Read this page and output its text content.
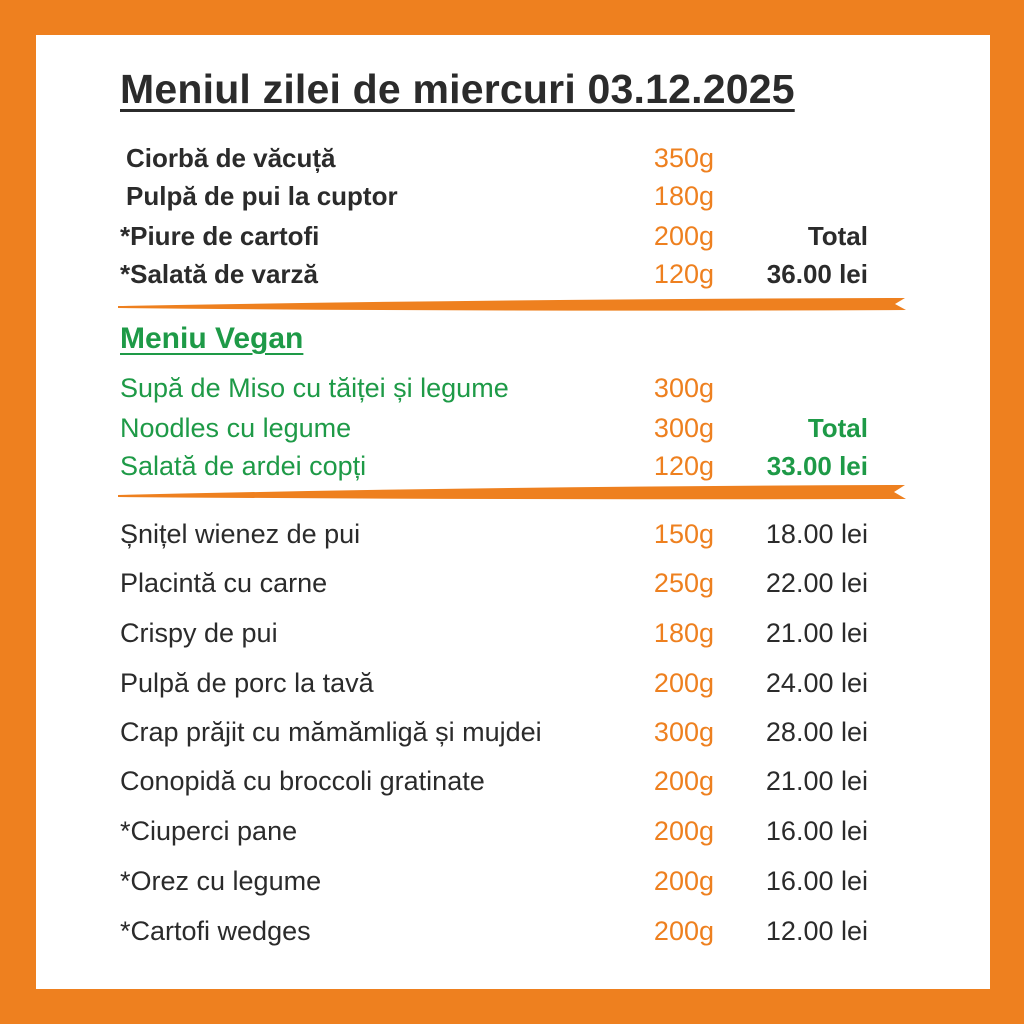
Meniul zilei de miercuri 03.12.2025
Ciorbă de văcuță	350g
Pulpă de pui la cuptor	180g
*Piure de cartofi	200g	Total
*Salată de varză	120g 36.00 lei
Meniu Vegan
Supă de Miso cu tăiței și legume	300g
Noodles cu legume	300g	Total
Salată de ardei copți	120g 33.00 lei
Șnițel wienez de pui	150g 18.00 lei
Placintă cu carne	250g 22.00 lei
Crispy de pui	180g 21.00 lei
Pulpă de porc la tavă	200g 24.00 lei
Crap prăjit cu mămămligă și mujdei	300g 28.00 lei
Conopidă cu broccoli gratinate	200g 21.00 lei
*Ciuperci pane	200g 16.00 lei
*Orez cu legume	200g 16.00 lei
*Cartofi wedges	200g 12.00 lei
